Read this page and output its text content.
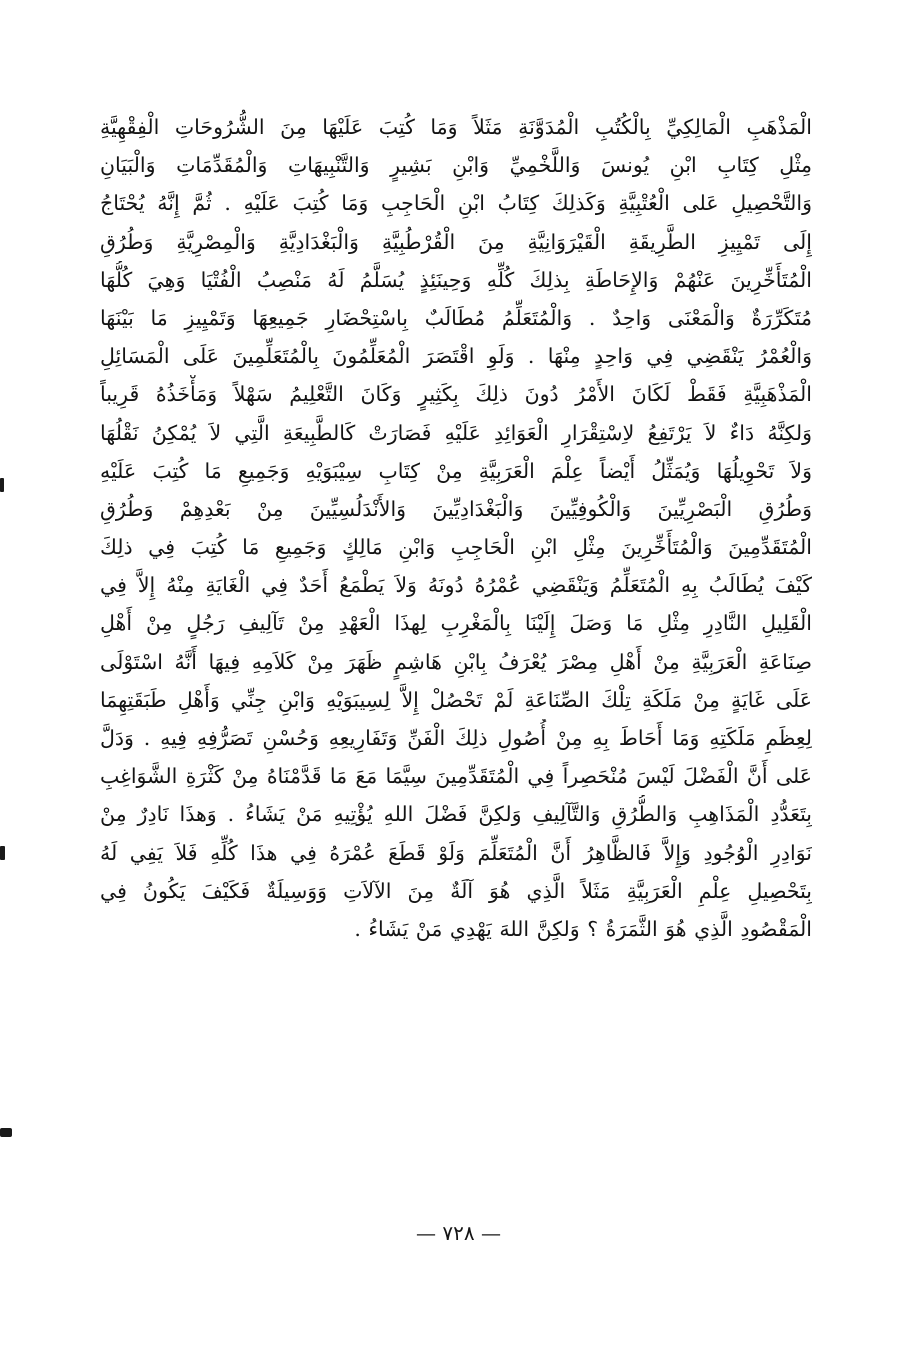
الْمَذْهَبِ الْمَالِكِيِّ بِالْكُتُبِ الْمُدَوَّنَةِ مَثَلاً وَمَا كُتِبَ عَلَيْهَا مِنَ الشُّرُوحَاتِ الْفِقْهِيَّةِ
مِثْلِ كِتَابِ ابْنِ يُونسَ وَاللَّخْمِيِّ وَابْنِ بَشِيرٍ وَالتَّنْبِيهَاتِ وَالْمُقَدِّمَاتِ وَالْبَيَانِ
وَالتَّحْصِيلِ عَلى الْعُتْبِيَّةِ وَكَذلِكَ كِتَابُ ابْنِ الْحَاجِبِ وَمَا كُتِبَ عَلَيْهِ . ثُمَّ إِنَّهُ يُحْتَاجُ
إِلَى تَمْيِيزِ الطَّرِيقَةِ الْقَيْرَوَانِيَّةِ مِنَ الْقُرْطُبِيَّةِ وَالْبَغْدَادِيَّةِ وَالْمِصْرِيَّةِ وَطُرُقِ
الْمُتَأَخِّرِينَ عَنْهُمْ وَالإِحَاطَةِ بِذلِكَ كُلِّهِ وَحِينَئِذٍ يُسَلَّمُ لَهُ مَنْصِبُ الْفُتْيَا وَهِيَ كُلُّهَا
مُتَكَرِّرَةٌ وَالْمَعْنَى وَاحِدٌ . وَالْمُتَعَلِّمُ مُطَالَبٌ بِاسْتِحْضَارِ جَمِيعِهَا وَتَمْيِيزِ مَا بَيْنَهَا
وَالْعُمْرُ يَنْقَضِي فِي وَاحِدٍ مِنْهَا . وَلَوِ اقْتَصَرَ الْمُعَلِّمُونَ بِالْمُتَعَلِّمِينَ عَلَى الْمَسَائِلِ
الْمَذْهَبِيَّةِ فَقَطْ لَكَانَ الأَمْرُ دُونَ ذلِكَ بِكَثِيرٍ وَكَانَ التَّعْلِيمُ سَهْلاً وَمَأْخَذُهُ قَرِيباً
وَلكِنَّهُ دَاءٌ لاَ يَرْتَفِعُ لاِسْتِقْرَارِ الْعَوَائِدِ عَلَيْهِ فَصَارَتْ كَالطَّبِيعَةِ الَّتِي لاَ يُمْكِنُ نَقْلُهَا
وَلاَ تَحْوِيلُهَا وَيُمَثِّلُ أَيْضاً عِلْمَ الْعَرَبِيَّةِ مِنْ كِتَابِ سِيْبَوَيْهِ وَجَمِيعِ مَا كُتِبَ عَلَيْهِ
وَطُرُقِ الْبَصْرِيِّينَ وَالْكُوفِيِّينَ وَالْبَغْدَادِيِّينَ وَالأَنْدَلُسِيِّينَ مِنْ بَعْدِهِمْ وَطُرُقِ
الْمُتَقَدِّمِينَ وَالْمُتَأَخِّرِينَ مِثْلِ ابْنِ الْحَاجِبِ وَابْنِ مَالِكٍ وَجَمِيعِ مَا كُتِبَ فِي ذلِكَ
كَيْفَ يُطَالَبُ بِهِ الْمُتَعَلِّمُ وَيَنْقَضِي عُمْرُهُ دُونَهُ وَلاَ يَطْمَعُ أَحَدٌ فِي الْغَايَةِ مِنْهُ إِلاَّ فِي
الْقَلِيلِ النَّادِرِ مِثْلِ مَا وَصَلَ إِلَيْنَا بِالْمَغْرِبِ لِهذَا الْعَهْدِ مِنْ تَآلِيفِ رَجُلٍ مِنْ أَهْلِ
صِنَاعَةِ الْعَرَبِيَّةِ مِنْ أَهْلِ مِصْرَ يُعْرَفُ بِابْنِ هَاشِمٍ ظَهَرَ مِنْ كَلاَمِهِ فِيهَا أَنَّهُ اسْتَوْلَى
عَلَى غَايَةٍ مِنْ مَلَكَةِ تِلْكَ الصِّنَاعَةِ لَمْ تَحْصُلْ إِلاَّ لِسِيبَوَيْهِ وَابْنِ جِنِّي وَأَهْلِ طَبَقَتِهِمَا
لِعِظَمِ مَلَكَتِهِ وَمَا أَحَاطَ بِهِ مِنْ أُصُولِ ذلِكَ الْفَنِّ وَتَفَارِيعِهِ وَحُسْنِ تَصَرُّفِهِ فِيهِ . وَدَلَّ
عَلى أَنَّ الْفَضْلَ لَيْسَ مُنْحَصِراً فِي الْمُتَقَدِّمِينَ سِيَّمَا مَعَ مَا قَدَّمْنَاهُ مِنْ كَثْرَةِ الشَّوَاغِبِ
بِتَعَدُّدِ الْمَذَاهِبِ وَالطُّرُقِ وَالتَّآلِيفِ وَلكِنَّ فَضْلَ اللهِ يُؤْتِيهِ مَنْ يَشَاءُ . وَهذَا نَادِرٌ مِنْ
نَوَادِرِ الْوُجُودِ وَإِلاَّ فَالظَّاهِرُ أَنَّ الْمُتَعَلِّمَ وَلَوْ قَطَعَ عُمْرَهُ فِي هذَا كُلِّهِ فَلاَ يَفِي لَهُ
بِتَحْصِيلِ عِلْمِ الْعَرَبِيَّةِ مَثَلاً الَّذِي هُوَ آلَةٌ مِنَ الآلاَتِ وَوَسِيلَةٌ فَكَيْفَ يَكُونُ فِي
الْمَقْصُودِ الَّذِي هُوَ الثَّمَرَةُ ؟ وَلكِنَّ اللهَ يَهْدِي مَنْ يَشَاءُ .
— ٧٢٨ —
